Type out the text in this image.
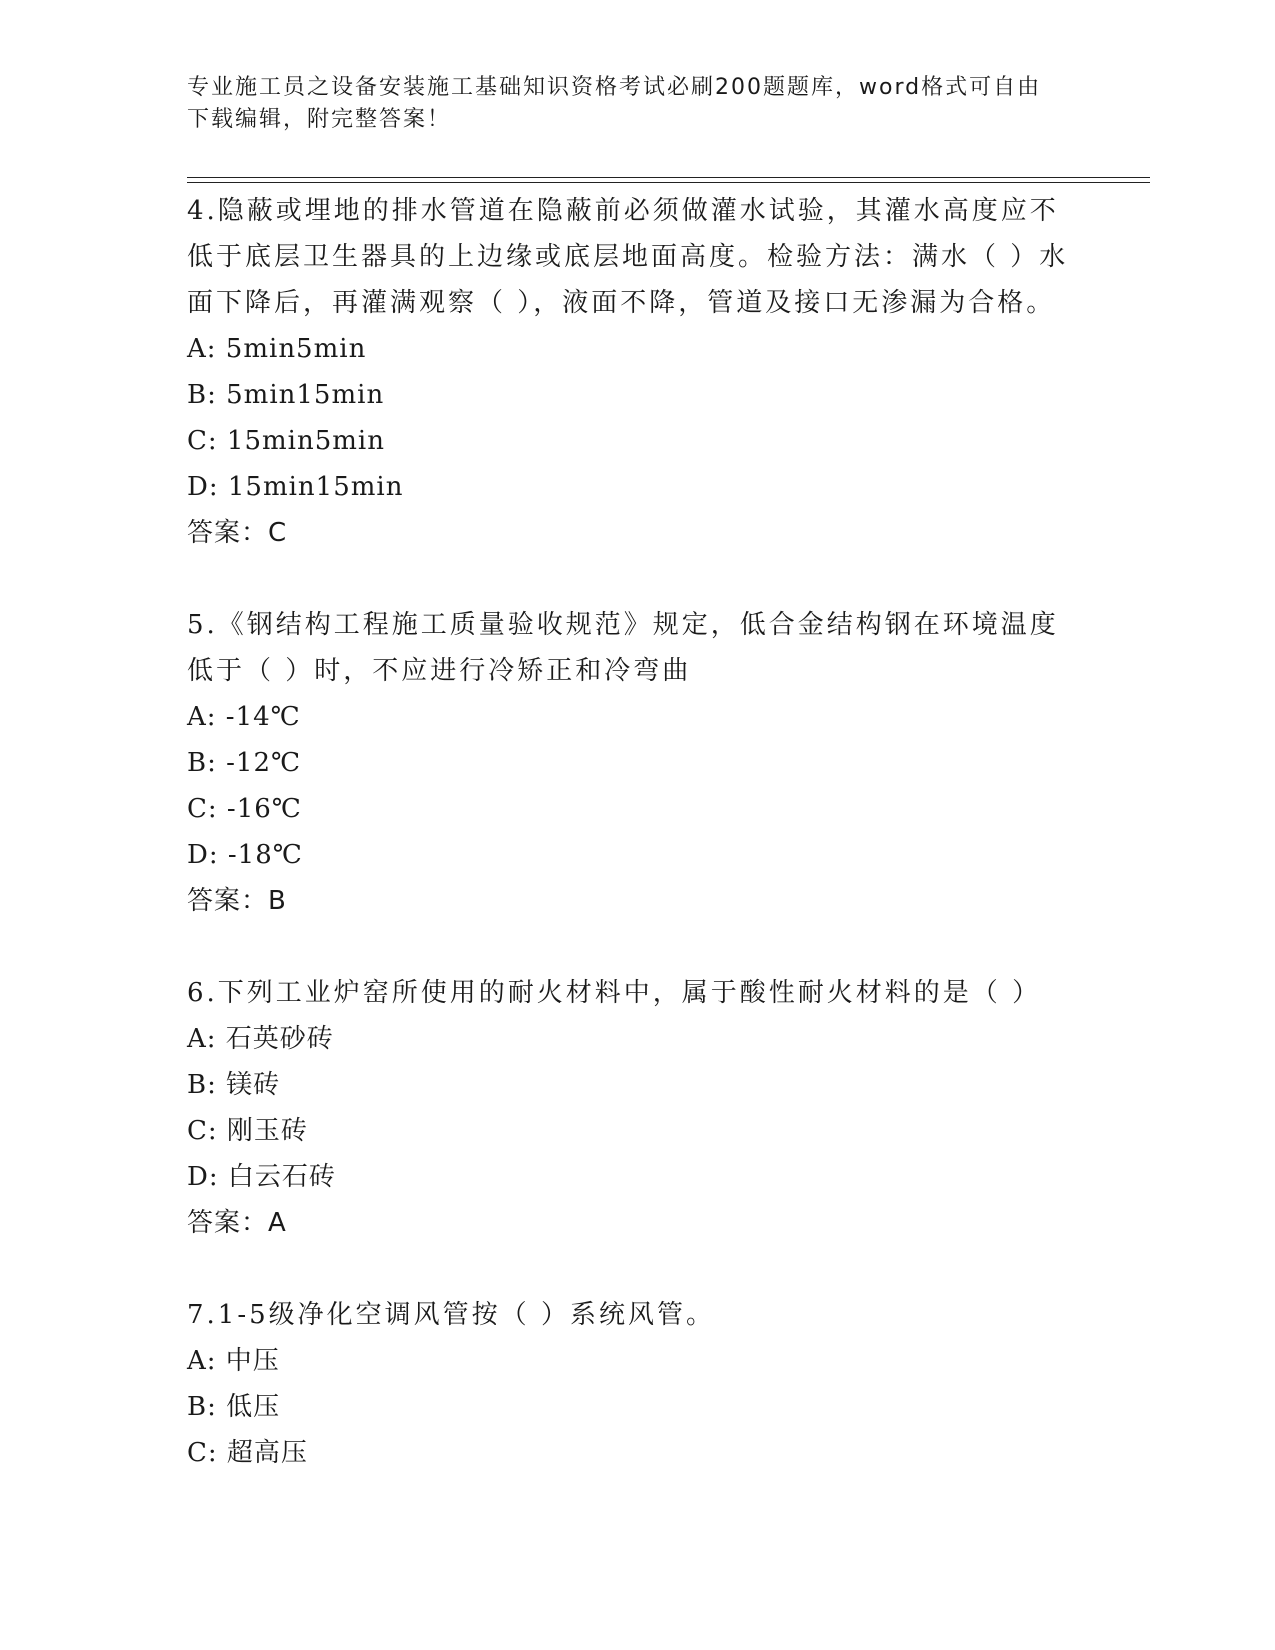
专业施工员之设备安装施工基础知识资格考试必刷200题题库，word格式可自由
下载编辑，附完整答案！
4.隐蔽或埋地的排水管道在隐蔽前必须做灌水试验，其灌水高度应不
低于底层卫生器具的上边缘或底层地面高度。检验方法：满水（ ）水
面下降后，再灌满观察（ ），液面不降，管道及接口无渗漏为合格。
A: 5min5min
B: 5min15min
C: 15min5min
D: 15min15min
答案：C
5.《钢结构工程施工质量验收规范》规定，低合金结构钢在环境温度
低于（ ）时，不应进行冷矫正和冷弯曲
A: -14℃
B: -12℃
C: -16℃
D: -18℃
答案：B
6.下列工业炉窑所使用的耐火材料中，属于酸性耐火材料的是（ ）
A: 石英砂砖
B: 镁砖
C: 刚玉砖
D: 白云石砖
答案：A
7.1-5级净化空调风管按（ ）系统风管。
A: 中压
B: 低压
C: 超高压
